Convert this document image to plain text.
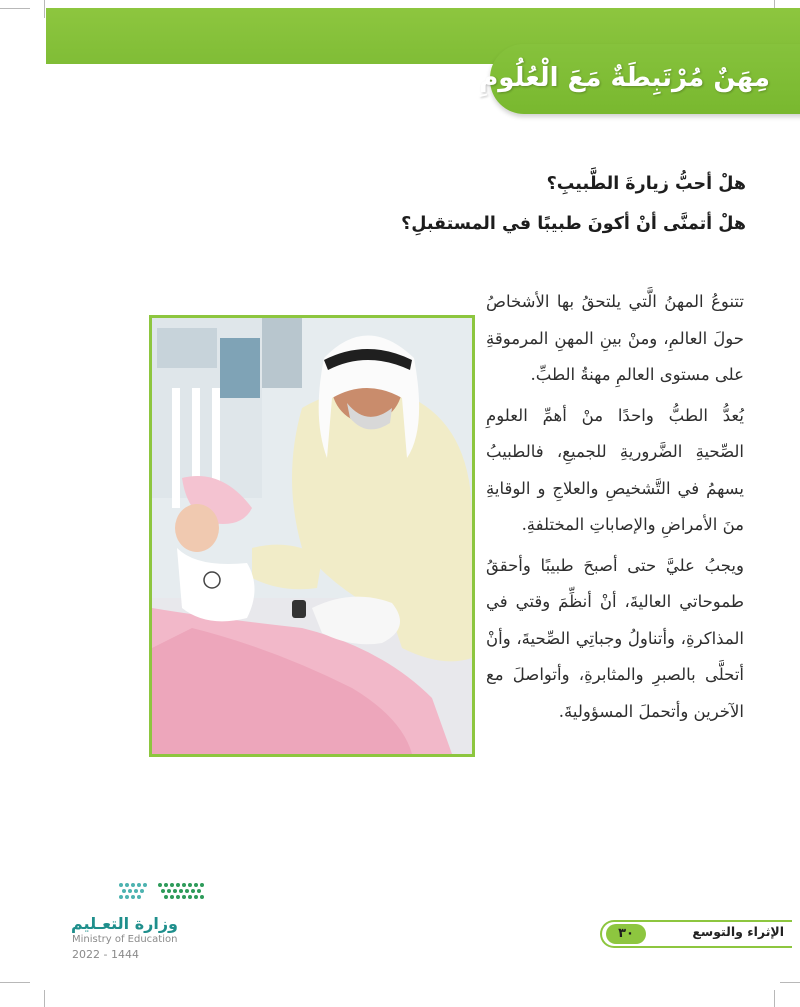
مِهَنٌ مُرْتَبِطَةٌ مَعَ الْعُلُومِ
هلْ أحبُّ زيارةَ الطَّبيبِ؟
هلْ أتمنَّى أنْ أكونَ طبيبًا في المستقبلِ؟

تتنوعُ المهنُ الَّتي يلتحقُ بها الأشخاصُ حولَ العالمِ، ومنْ بينِ المهنِ المرموقةِ على مستوى العالمِ مهنةُ الطبِّ.

يُعدُّ الطبُّ واحدًا منْ أهمِّ العلومِ الصِّحيةِ الضَّروريةِ للجميعِ، فالطبيبُ يسهمُ في التَّشخيصِ والعلاجِ و الوقايةِ منَ الأمراضِ والإصاباتِ المختلفةِ.

ويجبُ عليَّ حتى أصبحَ طبيبًا وأحققُ طموحاتي العاليةَ، أنْ أنظِّمَ وقتي في المذاكرةِ، وأتناولُ وجباتِي الصِّحيةَ، وأنْ أتحلَّى بالصبرِ والمثابرةِ، وأتواصلَ مع الآخرين وأتحملَ المسؤوليةَ.

وزارة التعـليم
Ministry of Education
2022 - 1444
الإثراء والتوسع
٣٠
